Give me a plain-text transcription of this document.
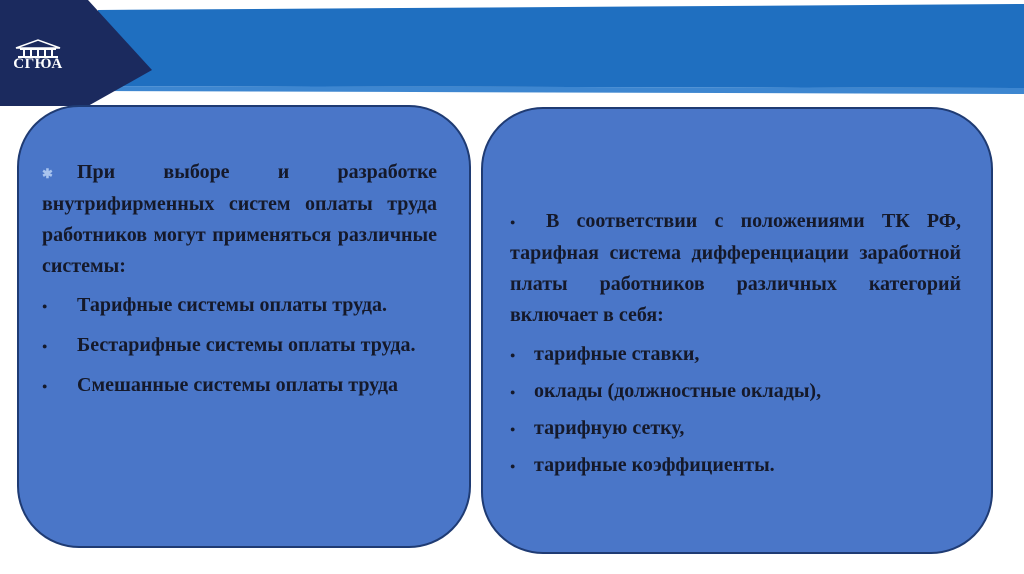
СГЮА

✱ При выборе и разработке внутрифирменных систем оплаты труда работников могут применяться различные системы:

● Тарифные системы оплаты труда.

● Бестарифные системы оплаты труда.

● Смешанные системы оплаты труда

● В соответствии с положениями ТК РФ, тарифная система дифференциации заработной платы работников различных категорий включает в себя:

● тарифные ставки,
● оклады (должностные оклады),
● тарифную сетку,
● тарифные коэффициенты.
